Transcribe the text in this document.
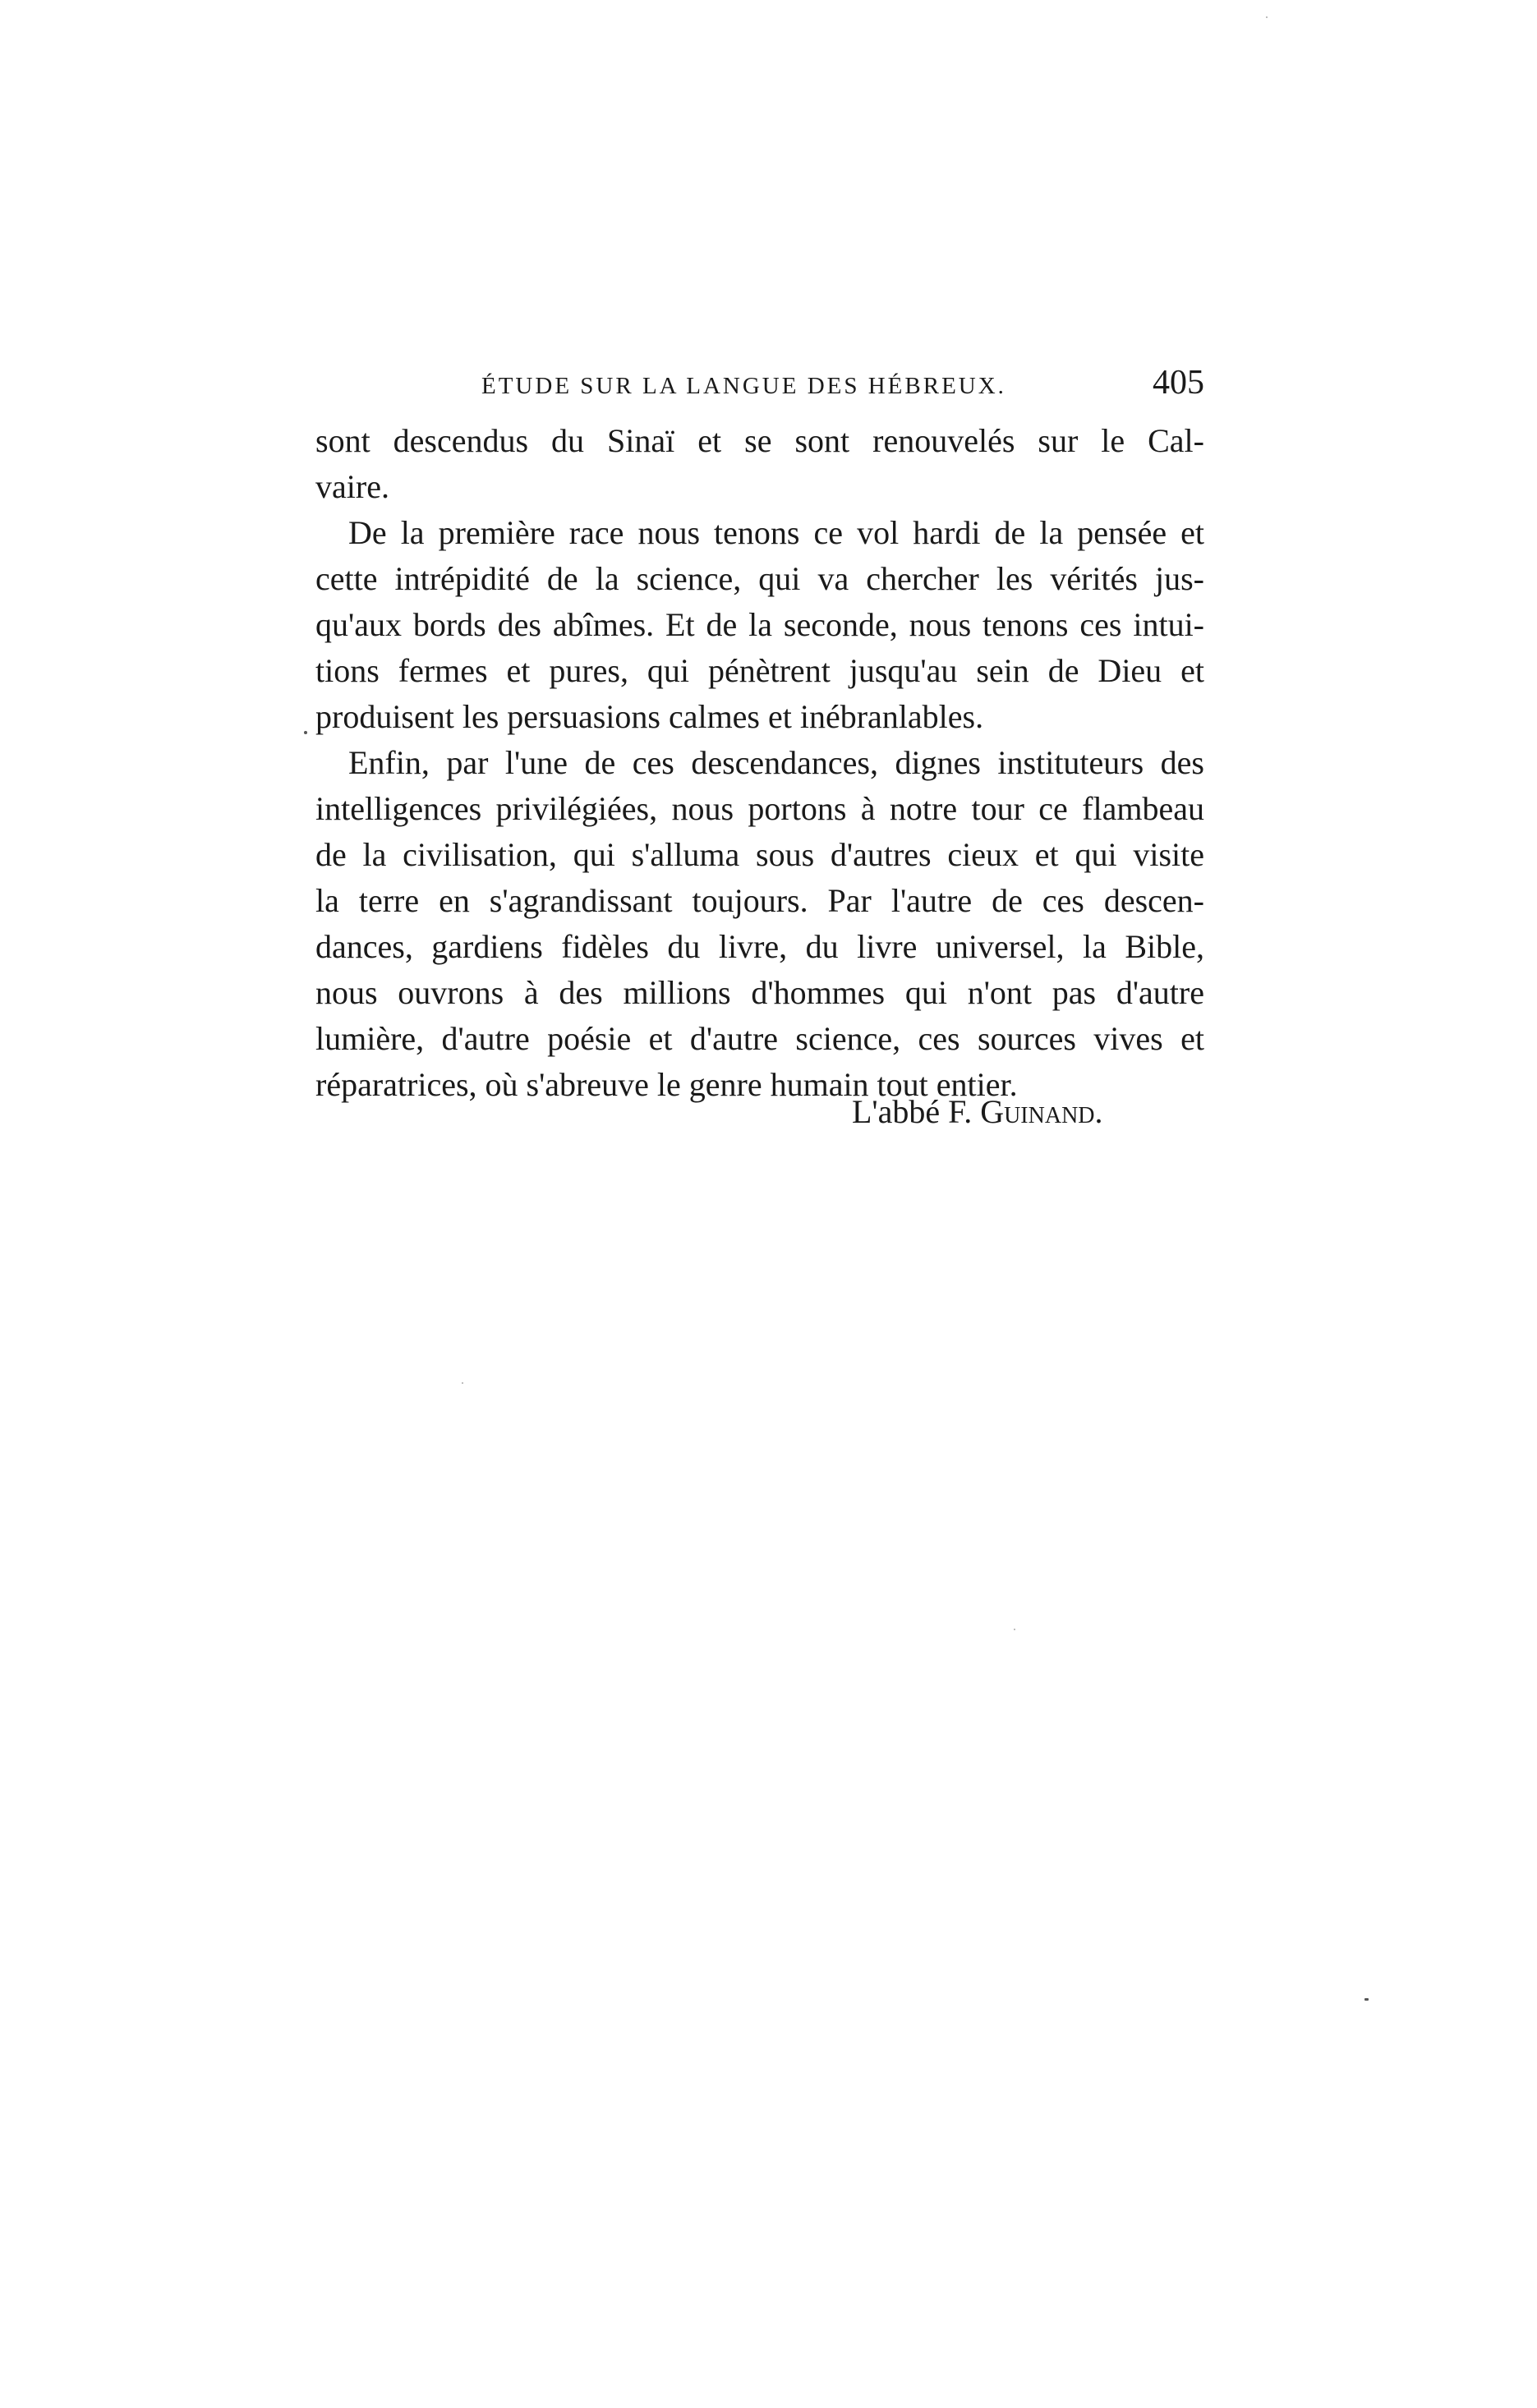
ÉTUDE SUR LA LANGUE DES HÉBREUX.	405
sont descendus du Sinaï et se sont renouvelés sur le Cal-
vaire.
De la première race nous tenons ce vol hardi de la pensée et
cette intrépidité de la science, qui va chercher les vérités jus-
qu'aux bords des abîmes. Et de la seconde, nous tenons ces intui-
tions fermes et pures, qui pénètrent jusqu'au sein de Dieu et
produisent les persuasions calmes et inébranlables.
Enfin, par l'une de ces descendances, dignes instituteurs des
intelligences privilégiées, nous portons à notre tour ce flambeau
de la civilisation, qui s'alluma sous d'autres cieux et qui visite
la terre en s'agrandissant toujours. Par l'autre de ces descen-
dances, gardiens fidèles du livre, du livre universel, la Bible,
nous ouvrons à des millions d'hommes qui n'ont pas d'autre
lumière, d'autre poésie et d'autre science, ces sources vives et
réparatrices, où s'abreuve le genre humain tout entier.
L'abbé F. Guinand.
